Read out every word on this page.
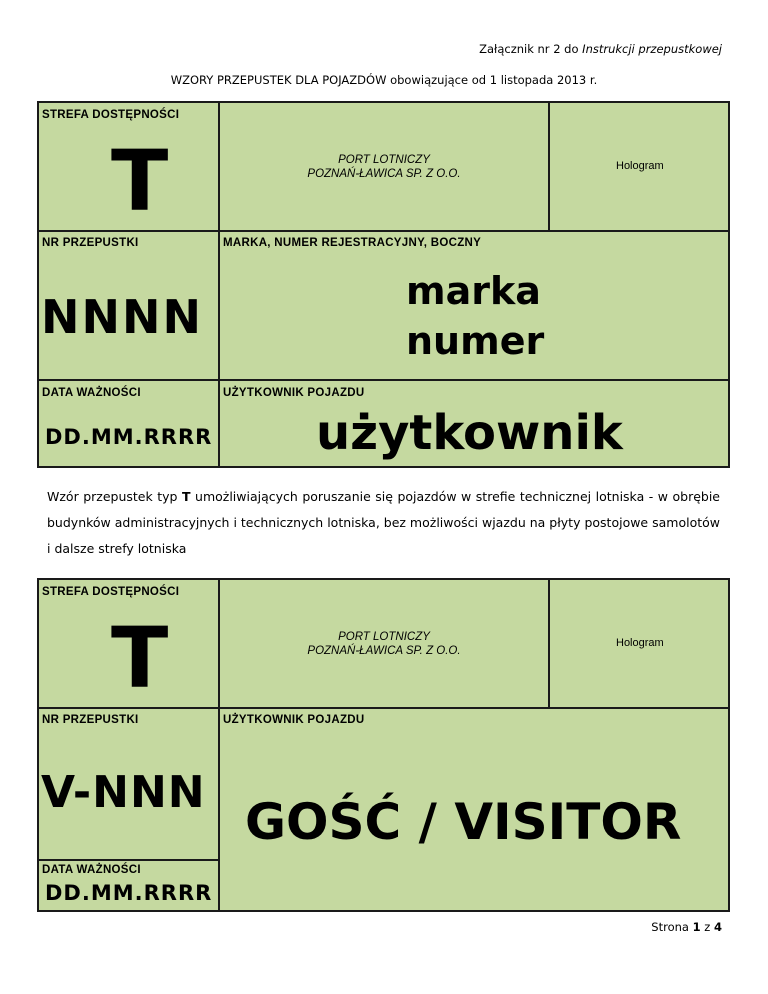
Załącznik nr 2 do Instrukcji przepustkowej
WZORY PRZEPUSTEK DLA POJAZDÓW obowiązujące od 1 listopada 2013 r.
STREFA DOSTĘPNOŚCI
T	PORT LOTNICZY
POZNAŃ-ŁAWICA SP. Z O.O.
Hologram
NR PRZEPUSTKI
NNNN
MARKA, NUMER REJESTRACYJNY, BOCZNY
marka
numer
DATA WAŻNOŚCI
DD.MM.RRRR
UŻYTKOWNIK POJAZDU
użytkownik
Wzór przepustek typ T umożliwiających poruszanie się pojazdów w strefie technicznej lotniska - w obrębie budynków administracyjnych i technicznych lotniska, bez możliwości wjazdu na płyty postojowe samolotów i dalsze strefy lotniska
STREFA DOSTĘPNOŚCI
T	PORT LOTNICZY
POZNAŃ-ŁAWICA SP. Z O.O.
Hologram
NR PRZEPUSTKI
V-NNN
UŻYTKOWNIK POJAZDU
GOŚĆ / VISITOR
DATA WAŻNOŚCI
DD.MM.RRRR
Strona 1 z 4
